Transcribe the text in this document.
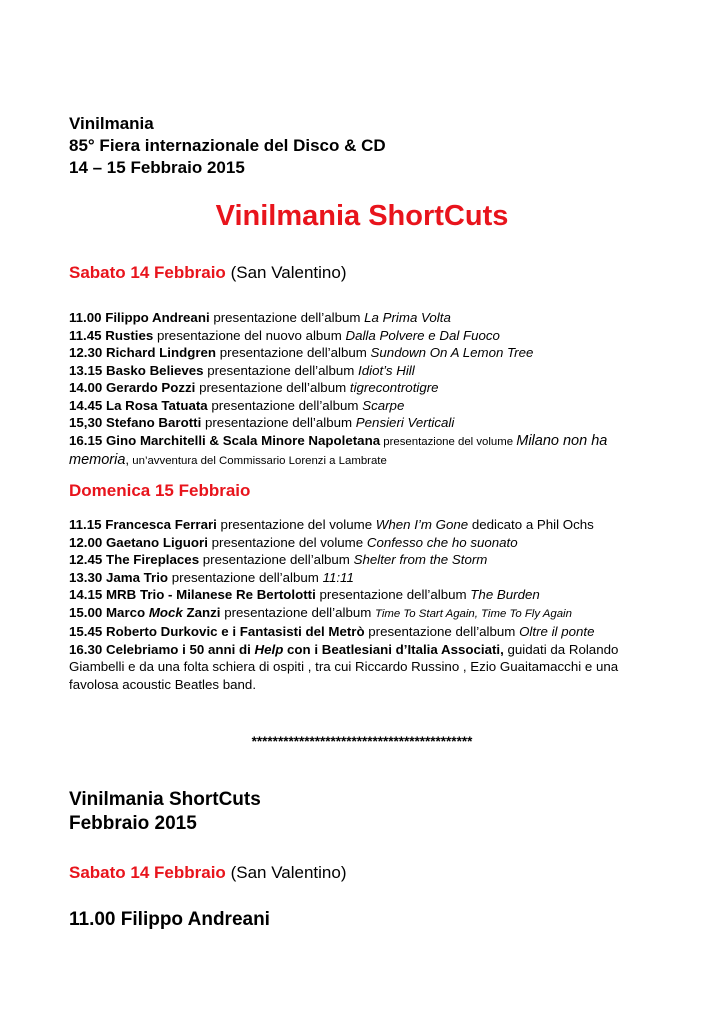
Vinilmania

85° Fiera internazionale del Disco & CD

14 – 15 Febbraio 2015

Vinilmania ShortCuts

Sabato 14 Febbraio (San Valentino)

11.00 Filippo Andreani presentazione dell’album La Prima Volta
11.45 Rusties presentazione del nuovo album Dalla Polvere e Dal Fuoco
12.30 Richard Lindgren presentazione dell’album Sundown On A Lemon Tree
13.15 Basko Believes presentazione dell’album Idiot’s Hill
14.00 Gerardo Pozzi presentazione dell’album tigrecontrotigre
14.45 La Rosa Tatuata presentazione dell’album Scarpe
15,30 Stefano Barotti presentazione dell’album Pensieri Verticali
16.15 Gino Marchitelli & Scala Minore Napoletana presentazione del volume Milano non ha memoria, un’avventura del Commissario Lorenzi a Lambrate

Domenica 15 Febbraio

11.15 Francesca Ferrari presentazione del volume When I’m Gone dedicato a Phil Ochs
12.00 Gaetano Liguori presentazione del volume Confesso che ho suonato
12.45 The Fireplaces presentazione dell’album Shelter from the Storm
13.30 Jama Trio presentazione dell’album 11:11
14.15 MRB Trio - Milanese Re Bertolotti presentazione dell’album The Burden
15.00 Marco Mock Zanzi presentazione dell’album Time To Start Again, Time To Fly Again
15.45 Roberto Durkovic e i Fantasisti del Metrò presentazione dell’album Oltre il ponte
16.30 Celebriamo i 50 anni di Help con i Beatlesiani d’Italia Associati, guidati da Rolando Giambelli e da una folta schiera di ospiti , tra cui Riccardo Russino , Ezio Guaitamacchi e una favolosa acoustic Beatles band.
******************************************

Vinilmania ShortCuts

Febbraio 2015

Sabato 14 Febbraio (San Valentino)

11.00 Filippo Andreani
